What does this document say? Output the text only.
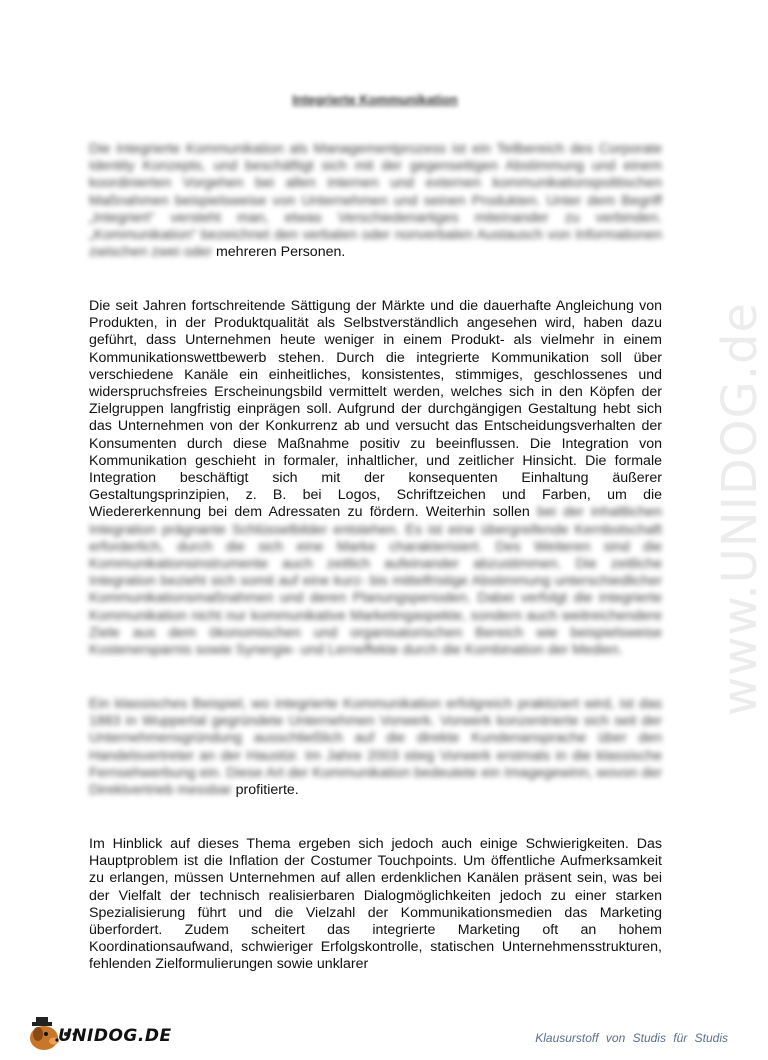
Integrierte Kommunikation

Die Integrierte Kommunikation als Managementprozess ist ein Teilbereich des Corporate Identity Konzepts, und beschäftigt sich mit der gegenseitigen Abstimmung und einem koordinierten Vorgehen bei allen internen und externen kommunikationspolitischen Maßnahmen beispielsweise von Unternehmen und seinen Produkten. Unter dem Begriff „Integriert“ versteht man, etwas Verschiedenartiges miteinander zu verbinden. „Kommunikation“ bezeichnet den verbalen oder nonverbalen Austausch von Informationen zwischen zwei oder mehreren Personen.

Die seit Jahren fortschreitende Sättigung der Märkte und die dauerhafte Angleichung von Produkten, in der Produktqualität als Selbstverständlich angesehen wird, haben dazu geführt, dass Unternehmen heute weniger in einem Produkt- als vielmehr in einem Kommunikationswettbewerb stehen. Durch die integrierte Kommunikation soll über verschiedene Kanäle ein einheitliches, konsistentes, stimmiges, geschlossenes und widerspruchsfreies Erscheinungsbild vermittelt werden, welches sich in den Köpfen der Zielgruppen langfristig einprägen soll. Aufgrund der durchgängigen Gestaltung hebt sich das Unternehmen von der Konkurrenz ab und versucht das Entscheidungsverhalten der Konsumenten durch diese Maßnahme positiv zu beeinflussen. Die Integration von Kommunikation geschieht in formaler, inhaltlicher, und zeitlicher Hinsicht. Die formale Integration beschäftigt sich mit der konsequenten Einhaltung äußerer Gestaltungsprinzipien, z. B. bei Logos, Schriftzeichen und Farben, um die Wiedererkennung bei dem Adressaten zu fördern. Weiterhin sollen bei der inhaltlichen Integration prägnante Schlüsselbilder entstehen. Es ist eine übergreifende Kernbotschaft erforderlich, durch die sich eine Marke charakterisiert. Des Weiteren sind die Kommunikationsinstrumente auch zeitlich aufeinander abzustimmen. Die zeitliche Integration bezieht sich somit auf eine kurz- bis mittelfristige Abstimmung unterschiedlicher Kommunikationsmaßnahmen und deren Planungsperioden. Dabei verfolgt die integrierte Kommunikation nicht nur kommunikative Marketingaspekte, sondern auch weitreichendere Ziele aus dem ökonomischen und organisatorischen Bereich wie beispielsweise Kostenersparnis sowie Synergie- und Lerneffekte durch die Kombination der Medien.

Ein klassisches Beispiel, wo integrierte Kommunikation erfolgreich praktiziert wird, ist das 1883 in Wuppertal gegründete Unternehmen Vorwerk. Vorwerk konzentrierte sich seit der Unternehmensgründung ausschließlich auf die direkte Kundenansprache über den Handelsvertreter an der Haustür. Im Jahre 2003 stieg Vorwerk erstmals in die klassische Fernsehwerbung ein. Diese Art der Kommunikation bedeutete ein Imagegewinn, wovon der Direktvertrieb messbar profitierte.

Im Hinblick auf dieses Thema ergeben sich jedoch auch einige Schwierigkeiten. Das Hauptproblem ist die Inflation der Costumer Touchpoints. Um öffentliche Aufmerksamkeit zu erlangen, müssen Unternehmen auf allen erdenklichen Kanälen präsent sein, was bei der Vielfalt der technisch realisierbaren Dialogmöglichkeiten jedoch zu einer starken Spezialisierung führt und die Vielzahl der Kommunikationsmedien das Marketing überfordert. Zudem scheitert das integrierte Marketing oft an hohem Koordinationsaufwand, schwieriger Erfolgskontrolle, statischen Unternehmensstrukturen, fehlenden Zielformulierungen sowie unklarer

www.UNIDOG.de
UNIDOG.DE	Klausurstoff von Studis für Studis
